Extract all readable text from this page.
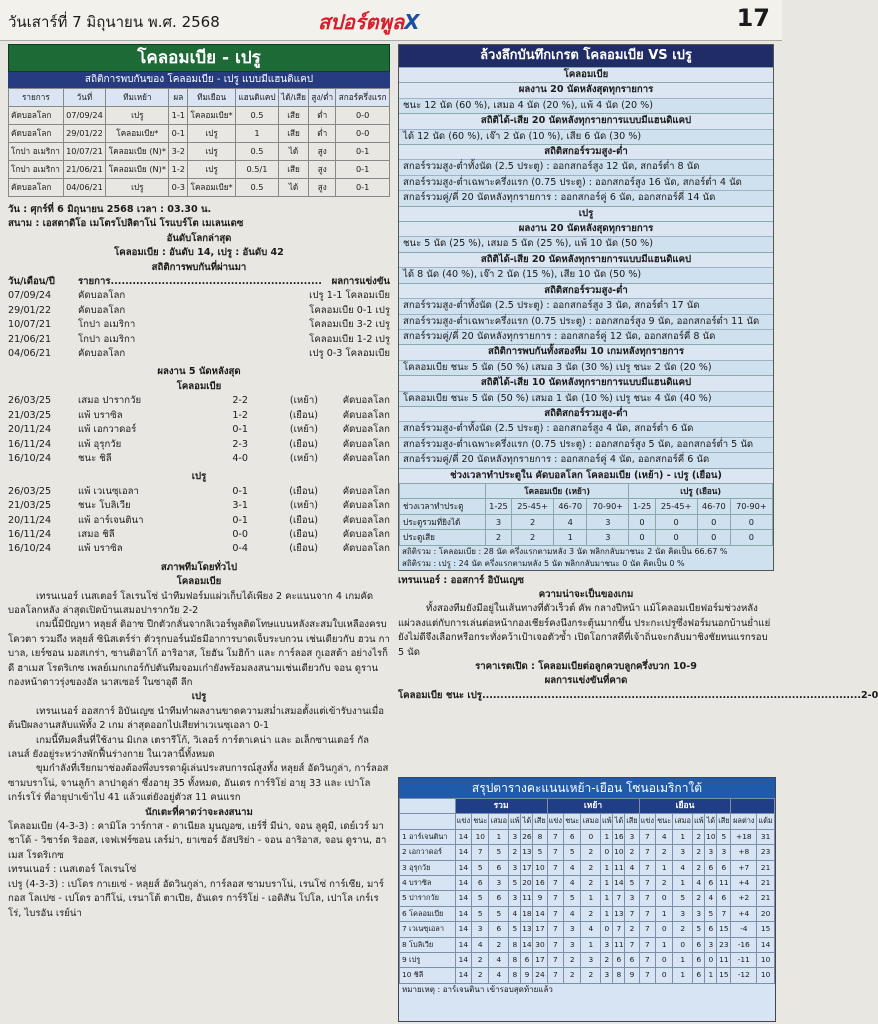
วันเสาร์ที่ 7 มิถุนายน พ.ศ. 2568	สปอร์ตพูลX	17
โคลอมเบีย - เปรู
สถิติการพบกันของ โคลอมเบีย - เปรู แบบมีแฮนดิแคป
รายการ	วันที่	ทีมเหย้า	ผล	ทีมเยือน	แฮนดิแคป	ได้/เสีย	สูง/ต่ำ	สกอร์ครึ่งแรก
คัดบอลโลก	07/09/24	เปรู	1-1	โคลอมเบีย*	0.5	เสีย	ต่ำ	0-0
คัดบอลโลก	29/01/22	โคลอมเบีย*	0-1	เปรู	1	เสีย	ต่ำ	0-0
โกปา อเมริกา	10/07/21	โคลอมเบีย (N)*	3-2	เปรู	0.5	ได้	สูง	0-1
โกปา อเมริกา	21/06/21	โคลอมเบีย (N)*	1-2	เปรู	0.5/1	เสีย	สูง	0-1
คัดบอลโลก	04/06/21	เปรู	0-3	โคลอมเบีย*	0.5	ได้	สูง	0-1

วัน : ศุกร์ที่ 6 มิถุนายน 2568 เวลา : 03.30 น.

สนาม : เอสตาดิโอ เมโตรโปลิตาโน่ โรแบร์โต เมเลนเดซ

อันดับโลกล่าสุด

โคลอมเบีย : อันดับ 14, เปรู : อันดับ 42

สถิติการพบกันที่ผ่านมา

วัน/เดือน/ปี	รายการ..........................................................	ผลการแข่งขัน
07/09/24	คัดบอลโลก	เปรู 1-1 โคลอมเบีย
29/01/22	คัดบอลโลก	โคลอมเบีย 0-1 เปรู
10/07/21	โกปา อเมริกา	โคลอมเบีย 3-2 เปรู
21/06/21	โกปา อเมริกา	โคลอมเบีย 1-2 เปรู
04/06/21	คัดบอลโลก	เปรู 0-3 โคลอมเบีย

ผลงาน 5 นัดหลังสุด

โคลอมเบีย

26/03/25	เสมอ ปารากวัย	2-2	(เหย้า)	คัดบอลโลก
21/03/25	แพ้ บราซิล	1-2	(เยือน)	คัดบอลโลก
20/11/24	แพ้ เอกวาดอร์	0-1	(เหย้า)	คัดบอลโลก
16/11/24	แพ้ อุรุกวัย	2-3	(เยือน)	คัดบอลโลก
16/10/24	ชนะ ชิลี	4-0	(เหย้า)	คัดบอลโลก

เปรู

26/03/25	แพ้ เวเนซุเอลา	0-1	(เยือน)	คัดบอลโลก
21/03/25	ชนะ โบลิเวีย	3-1	(เหย้า)	คัดบอลโลก
20/11/24	แพ้ อาร์เจนตินา	0-1	(เยือน)	คัดบอลโลก
16/11/24	เสมอ ชิลี	0-0	(เยือน)	คัดบอลโลก
16/10/24	แพ้ บราซิล	0-4	(เยือน)	คัดบอลโลก

สภาพทีมโดยทั่วไป

โคลอมเบีย

เทรนเนอร์ เนสเตอร์ โลเรนโซ่ นำทีมฟอร์มแผ่วเก็บได้เพียง 2 คะแนนจาก 4 เกมคัดบอลโลกหลัง ล่าสุดเปิดบ้านเสมอปารากวัย 2-2

เกมนี้มีปัญหา หลุยส์ ดิอาซ ปีกตัวกลั่นจากลิเวอร์พูลติดโทษแบนหลังสะสมใบเหลืองครบโควตา รวมถึง หลุยส์ ซินิสเตร์ร่า ตัวรุกบอร์นมัธมีอาการบาดเจ็บระบกวน เช่นเดียวกับ ฮวน กาบาล, เยร์ซอน มอสเกร่า, ซานติอาโก้ อาริอาส, โยฮัน โมฮิก้า และ การ์ลอส กูเอสต้า อย่างไรก็ดี ฮาเมส โรดริเกซ เพลย์เมกเกอร์กัปตันทีมจอมเก๋ายังพร้อมลงสนามเช่นเดียวกับ จอน ดูราน กองหน้าดาวรุ่งของอัล นาสเซอร์ ในซาอุดี ลีก

เปรู

เทรนเนอร์ ออสการ์ อิบันเญซ นำทีมทำผลงานขาดความสม่ำเสมอตั้งแต่เข้ารับงานเมื่อต้นปีผลงานสลับแพ้ทั้ง 2 เกม ล่าสุดออกไปเสียท่าเวเนซุเอลา 0-1

เกมนี้ทีมคลื่นที่ใช้งาน มิเกล เตรารีโก้, วิเลอร์ การ์ตาเคน่า และ อเล็กซานเดอร์ กัลเลนส์ ยังอยู่ระหว่างพักฟื้นร่างกาย ในเวลานี้ทั้งหมด

ขุมกำลังที่เรียกมาช่องต้องพึ่งบรรดาผู้เล่นประสบการณ์สูงทั้ง หลุยส์ อัดวินกูล่า, การ์ลอส ซามบราโน่, จานลูก้า ลาปาดูล่า ซึ่งอายุ 35 ทั้งหมด, อันเดร การ์ริโย่ อายุ 33 และ เปาโล เกร์เรโร่ ที่อายุปาเข้าไป 41 แล้วแต่ยังอยู่ตัวส 11 คนแรก

นักเตะที่คาดว่าจะลงสนาม

โคลอมเบีย (4-3-3) : คามิโล วาร์กาส - ดาเนียล มูนญอซ, เยร์รี่ มีน่า, จอน ลูคูมี, เดย์เวร์ มาชาโด้ - วิชาร์ด ริออส, เจฟเฟร์ซอน เลร์ม่า, ยาเซอร์ อัสปริย่า - จอน อาริอาส, จอน ดูราน, ฮาเมส โรดริเกซ

เทรนเนอร์ : เนสเตอร์ โลเรนโซ่

เปรู (4-3-3) : เปโดร กาเยเซ่ - หลุยส์ อัดวินกูล่า, การ์ลอส ซามบราโน่, เรนโซ่ การ์เซีย, มาร์กอส โลเปซ - เปโดร อากีโน่, เรนาโต้ ตาเปีย, อันเดร การ์ริโย่ - เอดิสัน โปโล, เปาโล เกร์เรโร่, ไบรอัน เรย์น่า

ล้วงลึกบันทึกเกรต โคลอมเบีย VS เปรู
โคลอมเบีย
ผลงาน 20 นัดหลังสุดทุกรายการ
ชนะ 12 นัด (60 %), เสมอ 4 นัด (20 %), แพ้ 4 นัด (20 %)
สถิติได้-เสีย 20 นัดหลังทุกรายการแบบมีแฮนดิแคป
ได้ 12 นัด (60 %), เจ๊า 2 นัด (10 %), เสีย 6 นัด (30 %)
สถิติสกอร์รวมสูง-ต่ำ
สกอร์รวมสูง-ต่ำทั้งนัด (2.5 ประตู) : ออกสกอร์สูง 12 นัด, สกอร์ต่ำ 8 นัด
สกอร์รวมสูง-ต่ำเฉพาะครึ่งแรก (0.75 ประตู) : ออกสกอร์สูง 16 นัด, สกอร์ต่ำ 4 นัด
สกอร์รวมคู่/คี่ 20 นัดหลังทุกรายการ : ออกสกอร์คู่ 6 นัด, ออกสกอร์คี่ 14 นัด
เปรู
ผลงาน 20 นัดหลังสุดทุกรายการ
ชนะ 5 นัด (25 %), เสมอ 5 นัด (25 %), แพ้ 10 นัด (50 %)
สถิติได้-เสีย 20 นัดหลังทุกรายการแบบมีแฮนดิแคป
ได้ 8 นัด (40 %), เจ๊า 2 นัด (15 %), เสีย 10 นัด (50 %)
สถิติสกอร์รวมสูง-ต่ำ
สกอร์รวมสูง-ต่ำทั้งนัด (2.5 ประตู) : ออกสกอร์สูง 3 นัด, สกอร์ต่ำ 17 นัด
สกอร์รวมสูง-ต่ำเฉพาะครึ่งแรก (0.75 ประตู) : ออกสกอร์สูง 9 นัด, ออกสกอร์ต่ำ 11 นัด
สกอร์รวมคู่/คี่ 20 นัดหลังทุกรายการ : ออกสกอร์คู่ 12 นัด, ออกสกอร์คี่ 8 นัด
สถิติการพบกันทั้งสองทีม 10 เกมหลังทุกรายการ
โคลอมเบีย ชนะ 5 นัด (50 %) เสมอ 3 นัด (30 %) เปรู ชนะ 2 นัด (20 %)
สถิติได้-เสีย 10 นัดหลังทุกรายการแบบมีแฮนดิแคป
โคลอมเบีย ชนะ 5 นัด (50 %) เสมอ 1 นัด (10 %) เปรู ชนะ 4 นัด (40 %)
สถิติสกอร์รวมสูง-ต่ำ
สกอร์รวมสูง-ต่ำทั้งนัด (2.5 ประตู) : ออกสกอร์สูง 4 นัด, สกอร์ต่ำ 6 นัด
สกอร์รวมสูง-ต่ำเฉพาะครึ่งแรก (0.75 ประตู) : ออกสกอร์สูง 5 นัด, ออกสกอร์ต่ำ 5 นัด
สกอร์รวมคู่/คี่ 20 นัดหลังทุกรายการ : ออกสกอร์คู่ 4 นัด, ออกสกอร์คี่ 6 นัด
ช่วงเวลาทำประตูใน คัดบอลโลก โคลอมเบีย (เหย้า) - เปรู (เยือน)
	โคลอมเบีย (เหย้า)				เปรู (เยือน)			
ช่วงเวลาทำประตู	1-25	25-45+	46-70	70-90+	1-25	25-45+	46-70	70-90+
ประตูรวมที่ยิงได้	3	2	4	3	0	0	0	0
ประตูเสีย	2	2	1	3	0	0	0	0
สถิติรวม : โคลอมเบีย : 28 นัด ครึ่งแรกตามหลัง 3 นัด พลิกกลับมาชนะ 2 นัด คิดเป็น 66.67 %
สถิติรวม : เปรู : 24 นัด ครึ่งแรกตามหลัง 5 นัด พลิกกลับมาชนะ 0 นัด คิดเป็น 0 %

เทรนเนอร์ : ออสการ์ อิบันเญซ

ความน่าจะเป็นของเกม

ทั้งสองทีมยังมีอยู่ในเส้นทางที่ตัวเร็วต์ คัพ กลางปีหน้า แม้โคลอมเบียฟอร์มช่วงหลังแผ่วลงแต่กับการเล่นต่อหน้ากองเชียร์คงนึงกระตุ้นมากขึ้น ประกะเปรูซึ่งฟอร์มนอกบ้านย่ำแย่ยังไม่ดีจึงเลือกหรือกระทั่งคว้าเป้าเจอตัวซ้ำ เปิดโอกาสดีที่เจ้าถิ่นจะกลับมาชิงชัยทนแรกรอบ 5 นัด

ราคาเรตเปิด : โคลอมเบียต่อลูกควบลูกครึ่งบวก 10-9

ผลการแข่งขันที่คาด

โคลอมเบีย ชนะ เปรู ........................................................................................................ 2-0
สรุปตารางคะแนนเหย้า-เยือน โซนอเมริกาใต้
	รวม						เหย้า						เยือน							
	แข่ง	ชนะ	เสมอ	แพ้	ได้	เสีย	แข่ง	ชนะ	เสมอ	แพ้	ได้	เสีย	แข่ง	ชนะ	เสมอ	แพ้	ได้	เสีย	ผลต่าง	แต้ม
1 อาร์เจนตินา	14	10	1	3	26	8	7	6	0	1	16	3	7	4	1	2	10	5	+18	31
2 เอกวาดอร์	14	7	5	2	13	5	7	5	2	0	10	2	7	2	3	2	3	3	+8	23
3 อุรุกวัย	14	5	6	3	17	10	7	4	2	1	11	4	7	1	4	2	6	6	+7	21
4 บราซิล	14	6	3	5	20	16	7	4	2	1	14	5	7	2	1	4	6	11	+4	21
5 ปารากวัย	14	5	6	3	11	9	7	5	1	1	7	3	7	0	5	2	4	6	+2	21
6 โคลอมเบีย	14	5	5	4	18	14	7	4	2	1	13	7	7	1	3	3	5	7	+4	20
7 เวเนซุเอลา	14	3	6	5	13	17	7	3	4	0	7	2	7	0	2	5	6	15	-4	15
8 โบลิเวีย	14	4	2	8	14	30	7	3	1	3	11	7	7	1	0	6	3	23	-16	14
9 เปรู	14	2	4	8	6	17	7	2	3	2	6	6	7	0	1	6	0	11	-11	10
10 ชิลี	14	2	4	8	9	24	7	2	2	3	8	9	7	0	1	6	1	15	-12	10
หมายเหตุ : อาร์เจนตินา เข้ารอบสุดท้ายแล้ว
